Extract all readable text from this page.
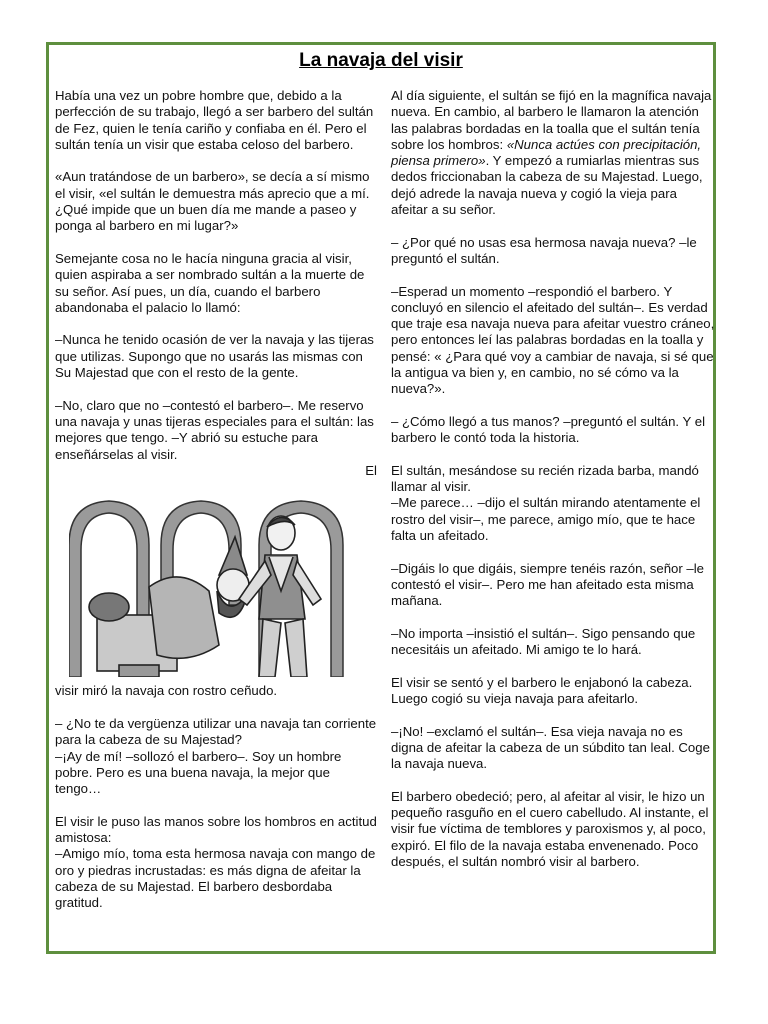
La navaja del visir

Había una vez un pobre hombre que, debido a la perfección de su trabajo, llegó a ser barbero del sultán de Fez, quien le tenía cariño y confiaba en él. Pero el sultán tenía un visir que estaba celoso del barbero.

«Aun tratándose de un barbero», se decía a sí mismo el visir, «el sultán le demuestra más aprecio que a mí. ¿Qué impide que un buen día me mande a paseo y ponga al barbero en mi lugar?»

Semejante cosa no le hacía ninguna gracia al visir, quien aspiraba a ser nombrado sultán a la muerte de su señor. Así pues, un día, cuando el barbero abandonaba el palacio lo llamó:

–Nunca he tenido ocasión de ver la navaja y las tijeras que utilizas. Supongo que no usarás las mismas con Su Majestad que con el resto de la gente.

–No, claro que no –contestó el barbero–. Me reservo una navaja y unas tijeras especiales para el sultán: las mejores que tengo. –Y abrió su estuche para enseñárselas al visir.

El

visir miró la navaja con rostro ceñudo.

– ¿No te da vergüenza utilizar una navaja tan corriente para la cabeza de su Majestad?

–¡Ay de mí! –sollozó el barbero–. Soy un hombre pobre. Pero es una buena navaja, la mejor que tengo…

El visir le puso las manos sobre los hombros en actitud amistosa:

–Amigo mío, toma esta hermosa navaja con mango de oro y piedras incrustadas: es más digna de afeitar la cabeza de su Majestad. El barbero desbordaba gratitud.

Al día siguiente, el sultán se fijó en la magnífica navaja nueva. En cambio, al barbero le llamaron la atención las palabras bordadas en la toalla que el sultán tenía sobre los hombros: «Nunca actúes con precipitación, piensa primero». Y empezó a rumiarlas mientras sus dedos friccionaban la cabeza de su Majestad. Luego, dejó adrede la navaja nueva y cogió la vieja para afeitar a su señor.

– ¿Por qué no usas esa hermosa navaja nueva? –le preguntó el sultán.

–Esperad un momento –respondió el barbero. Y concluyó en silencio el afeitado del sultán–. Es verdad que traje esa navaja nueva para afeitar vuestro cráneo, pero entonces leí las palabras bordadas en la toalla y pensé: « ¿Para qué voy a cambiar de navaja, si sé que la antigua va bien y, en cambio, no sé cómo va la nueva?».

– ¿Cómo llegó a tus manos? –preguntó el sultán. Y el barbero le contó toda la historia.

El sultán, mesándose su recién rizada barba, mandó llamar al visir.

–Me parece… –dijo el sultán mirando atentamente el rostro del visir–, me parece, amigo mío, que te hace falta un afeitado.

–Digáis lo que digáis, siempre tenéis razón, señor –le contestó el visir–. Pero me han afeitado esta misma mañana.

–No importa –insistió el sultán–. Sigo pensando que necesitáis un afeitado. Mi amigo te lo hará.

El visir se sentó y el barbero le enjabonó la cabeza. Luego cogió su vieja navaja para afeitarlo.

–¡No! –exclamó el sultán–. Esa vieja navaja no es digna de afeitar la cabeza de un súbdito tan leal. Coge la navaja nueva.

El barbero obedeció; pero, al afeitar al visir, le hizo un pequeño rasguño en el cuero cabelludo. Al instante, el visir fue víctima de temblores y paroxismos y, al poco, expiró. El filo de la navaja estaba envenenado. Poco después, el sultán nombró visir al barbero.
